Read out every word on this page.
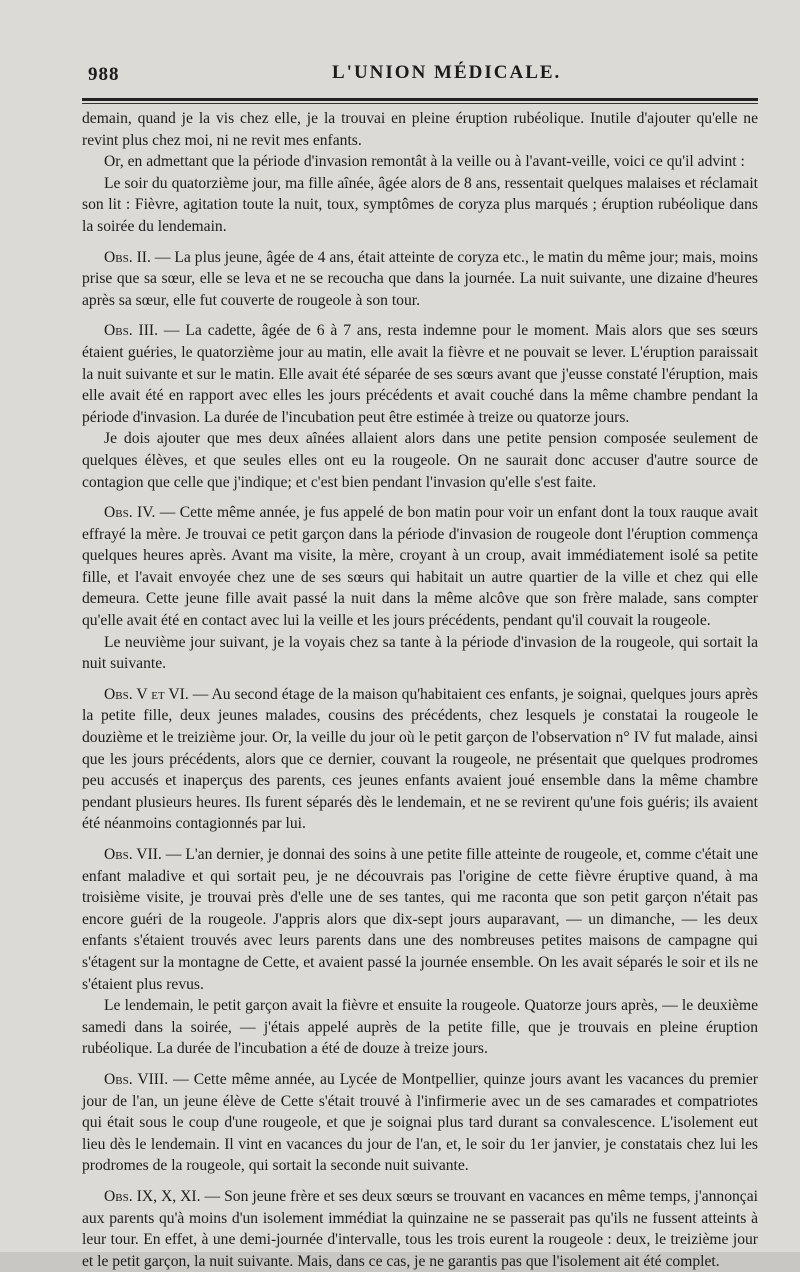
988	L'UNION MÉDICALE.

demain, quand je la vis chez elle, je la trouvai en pleine éruption rubéolique. Inutile d'ajouter qu'elle ne revint plus chez moi, ni ne revit mes enfants.

Or, en admettant que la période d'invasion remontât à la veille ou à l'avant-veille, voici ce qu'il advint :

Le soir du quatorzième jour, ma fille aînée, âgée alors de 8 ans, ressentait quelques malaises et réclamait son lit : Fièvre, agitation toute la nuit, toux, symptômes de coryza plus marqués ; éruption rubéolique dans la soirée du lendemain.

Obs. II. — La plus jeune, âgée de 4 ans, était atteinte de coryza etc., le matin du même jour; mais, moins prise que sa sœur, elle se leva et ne se recoucha que dans la journée. La nuit suivante, une dizaine d'heures après sa sœur, elle fut couverte de rougeole à son tour.

Obs. III. — La cadette, âgée de 6 à 7 ans, resta indemne pour le moment. Mais alors que ses sœurs étaient guéries, le quatorzième jour au matin, elle avait la fièvre et ne pouvait se lever. L'éruption paraissait la nuit suivante et sur le matin. Elle avait été séparée de ses sœurs avant que j'eusse constaté l'éruption, mais elle avait été en rapport avec elles les jours précédents et avait couché dans la même chambre pendant la période d'invasion. La durée de l'incubation peut être estimée à treize ou quatorze jours.

Je dois ajouter que mes deux aînées allaient alors dans une petite pension composée seulement de quelques élèves, et que seules elles ont eu la rougeole. On ne saurait donc accuser d'autre source de contagion que celle que j'indique; et c'est bien pendant l'invasion qu'elle s'est faite.

Obs. IV. — Cette même année, je fus appelé de bon matin pour voir un enfant dont la toux rauque avait effrayé la mère. Je trouvai ce petit garçon dans la période d'invasion de rougeole dont l'éruption commença quelques heures après. Avant ma visite, la mère, croyant à un croup, avait immédiatement isolé sa petite fille, et l'avait envoyée chez une de ses sœurs qui habitait un autre quartier de la ville et chez qui elle demeura. Cette jeune fille avait passé la nuit dans la même alcôve que son frère malade, sans compter qu'elle avait été en contact avec lui la veille et les jours précédents, pendant qu'il couvait la rougeole.

Le neuvième jour suivant, je la voyais chez sa tante à la période d'invasion de la rougeole, qui sortait la nuit suivante.

Obs. V et VI. — Au second étage de la maison qu'habitaient ces enfants, je soignai, quelques jours après la petite fille, deux jeunes malades, cousins des précédents, chez lesquels je constatai la rougeole le douzième et le treizième jour. Or, la veille du jour où le petit garçon de l'observation n° IV fut malade, ainsi que les jours précédents, alors que ce dernier, couvant la rougeole, ne présentait que quelques prodromes peu accusés et inaperçus des parents, ces jeunes enfants avaient joué ensemble dans la même chambre pendant plusieurs heures. Ils furent séparés dès le lendemain, et ne se revirent qu'une fois guéris; ils avaient été néanmoins contagionnés par lui.

Obs. VII. — L'an dernier, je donnai des soins à une petite fille atteinte de rougeole, et, comme c'était une enfant maladive et qui sortait peu, je ne découvrais pas l'origine de cette fièvre éruptive quand, à ma troisième visite, je trouvai près d'elle une de ses tantes, qui me raconta que son petit garçon n'était pas encore guéri de la rougeole. J'appris alors que dix-sept jours auparavant, — un dimanche, — les deux enfants s'étaient trouvés avec leurs parents dans une des nombreuses petites maisons de campagne qui s'étagent sur la montagne de Cette, et avaient passé la journée ensemble. On les avait séparés le soir et ils ne s'étaient plus revus.

Le lendemain, le petit garçon avait la fièvre et ensuite la rougeole. Quatorze jours après, — le deuxième samedi dans la soirée, — j'étais appelé auprès de la petite fille, que je trouvais en pleine éruption rubéolique. La durée de l'incubation a été de douze à treize jours.

Obs. VIII. — Cette même année, au Lycée de Montpellier, quinze jours avant les vacances du premier jour de l'an, un jeune élève de Cette s'était trouvé à l'infirmerie avec un de ses camarades et compatriotes qui était sous le coup d'une rougeole, et que je soignai plus tard durant sa convalescence. L'isolement eut lieu dès le lendemain. Il vint en vacances du jour de l'an, et, le soir du 1er janvier, je constatais chez lui les prodromes de la rougeole, qui sortait la seconde nuit suivante.

Obs. IX, X, XI. — Son jeune frère et ses deux sœurs se trouvant en vacances en même temps, j'annonçai aux parents qu'à moins d'un isolement immédiat la quinzaine ne se passerait pas qu'ils ne fussent atteints à leur tour. En effet, à une demi-journée d'intervalle, tous les trois eurent la rougeole : deux, le treizième jour et le petit garçon, la nuit suivante. Mais, dans ce cas, je ne garantis pas que l'isolement ait été complet.
